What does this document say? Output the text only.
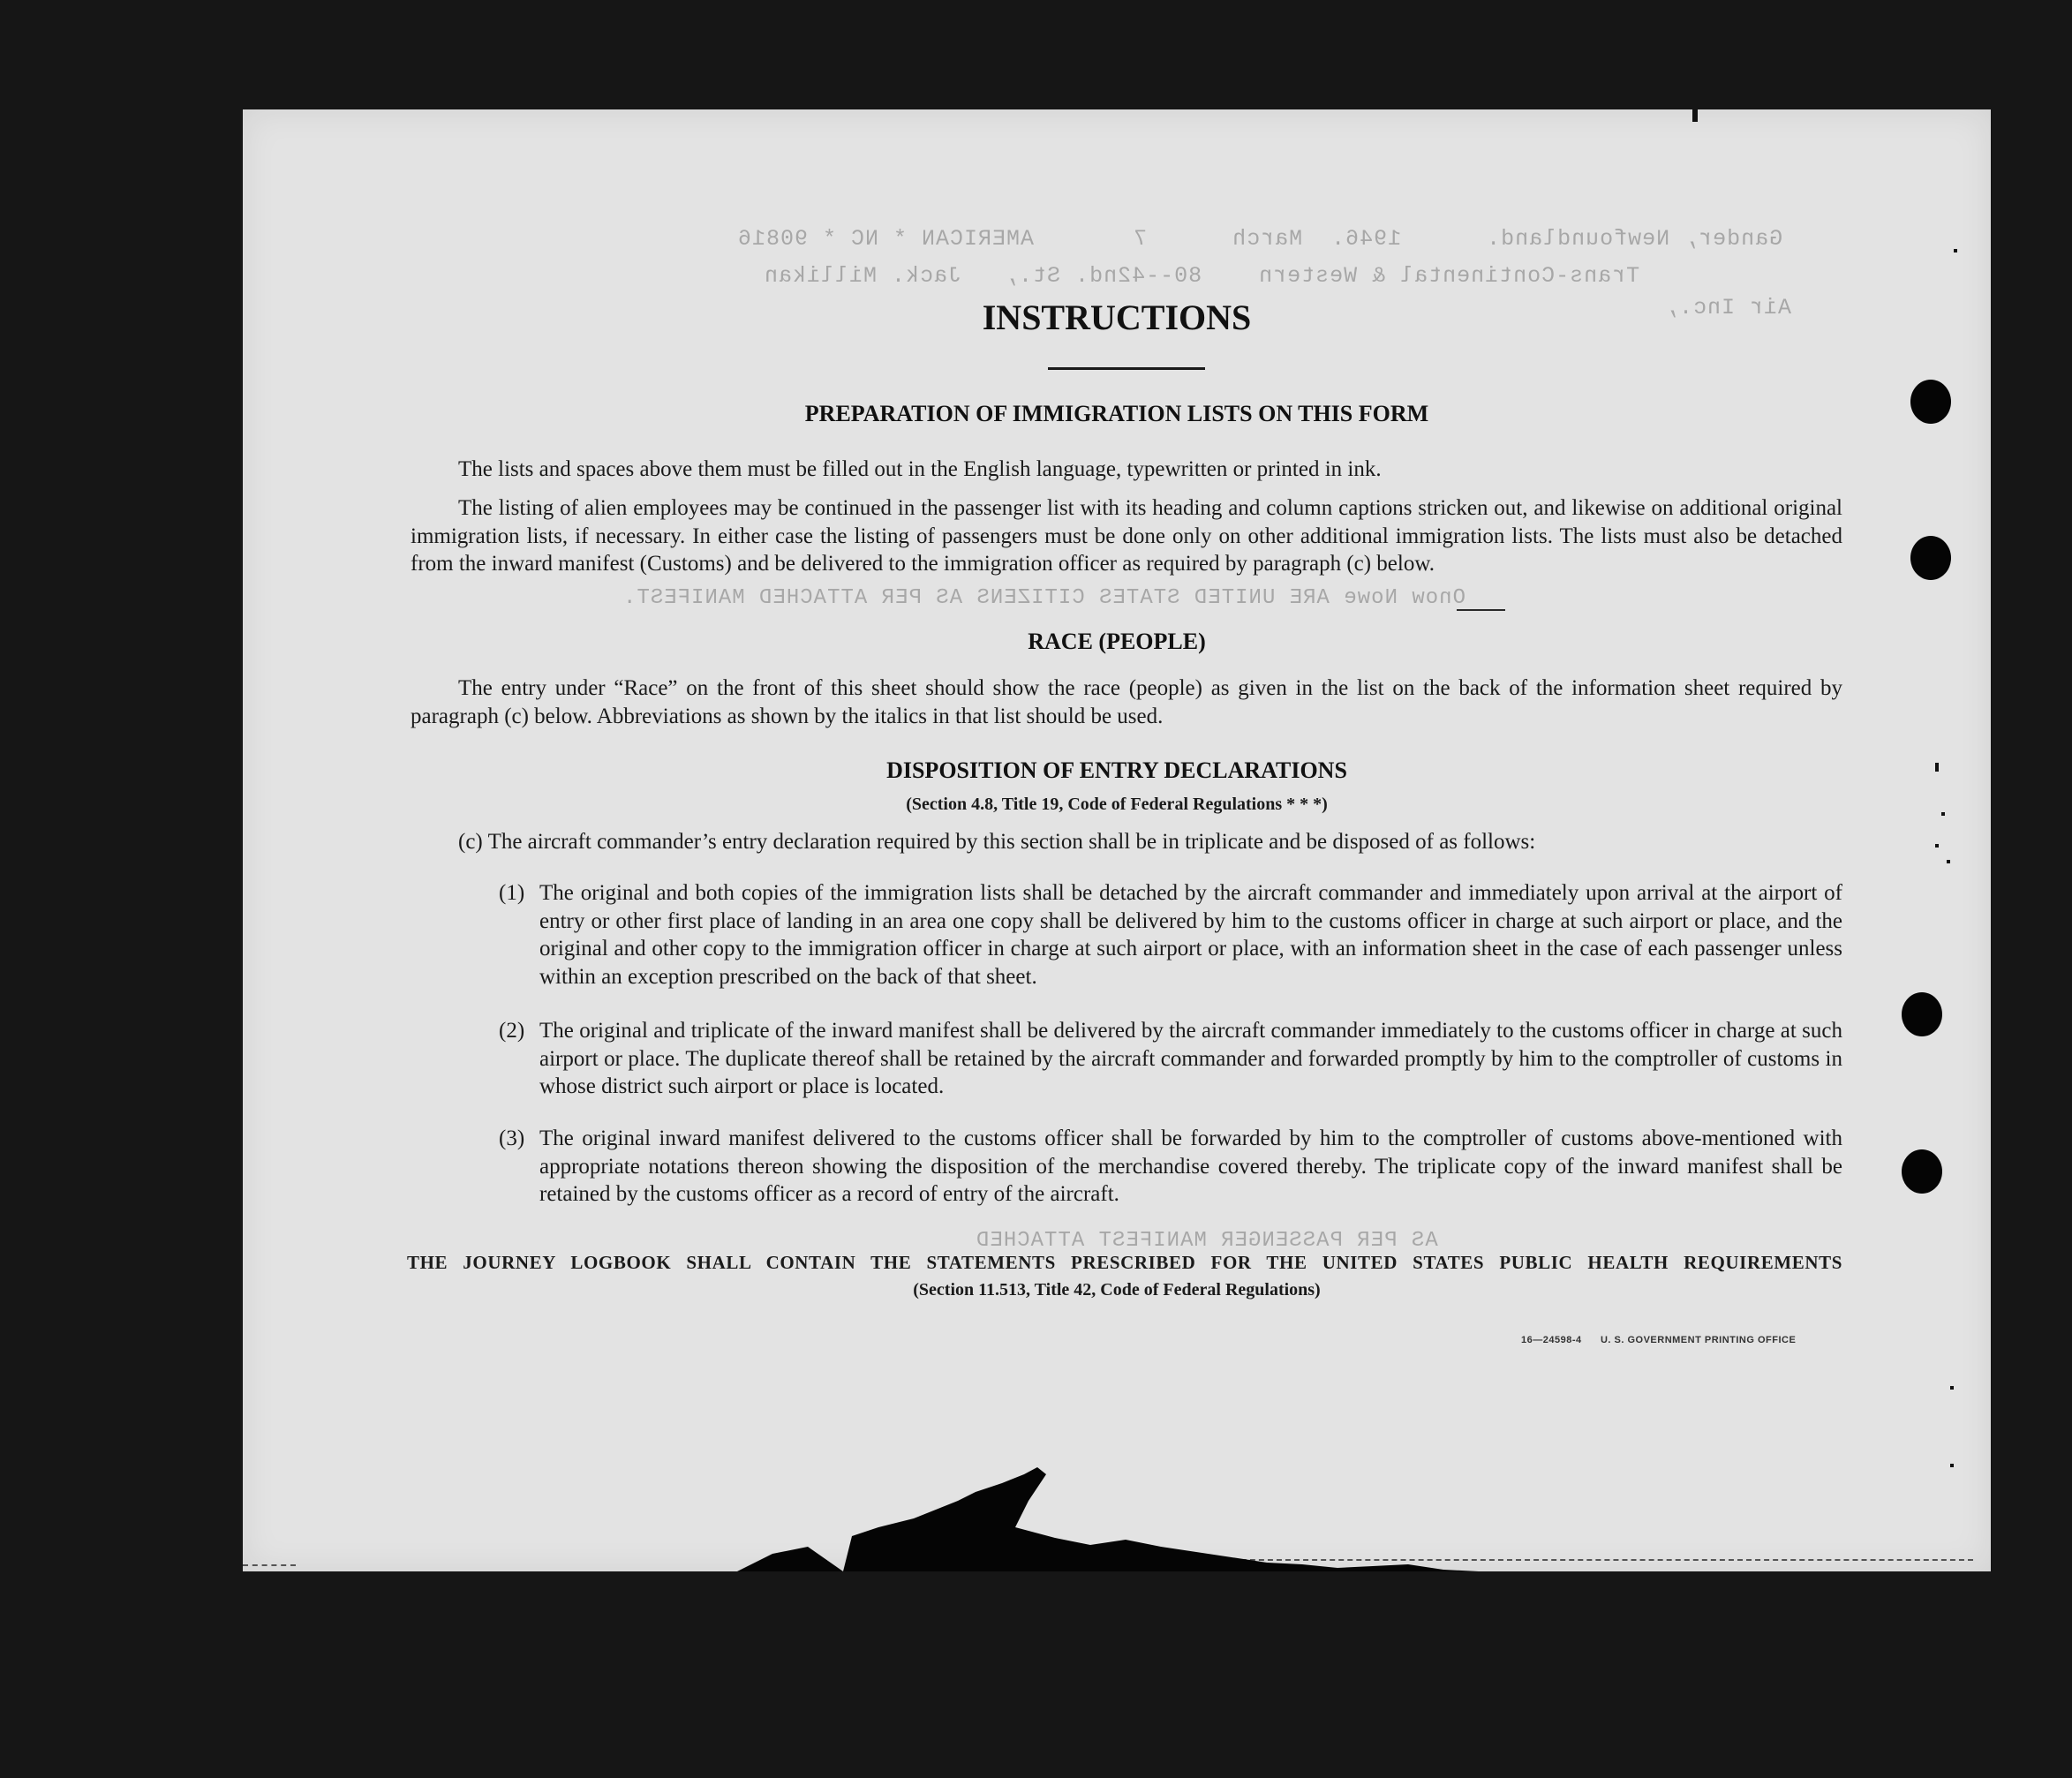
Gander, Newfoundland.      1946.  March      7       AMERICAN * NC * 90816
Trans-Continental & Western    80--42nd. St.,   Jack. Millikan
Air Inc.,
Onow Nowe ARE UNITED STATES CITIZENS AS PER ATTACHED MANIFEST.
AS PER PASSENGER MANIFEST ATTACHED
INSTRUCTIONS
PREPARATION OF IMMIGRATION LISTS ON THIS FORM
The lists and spaces above them must be filled out in the English language, typewritten or printed in ink.
The listing of alien employees may be continued in the passenger list with its heading and column captions stricken out, and likewise on additional original immigration lists, if necessary. In either case the listing of passengers must be done only on other additional immigration lists. The lists must also be detached from the inward manifest (Customs) and be delivered to the immigration officer as required by paragraph (c) below.
RACE (PEOPLE)
The entry under “Race” on the front of this sheet should show the race (people) as given in the list on the back of the information sheet required by paragraph (c) below. Abbreviations as shown by the italics in that list should be used.
DISPOSITION OF ENTRY DECLARATIONS
(Section 4.8, Title 19, Code of Federal Regulations * * *)
(c) The aircraft commander’s entry declaration required by this section shall be in triplicate and be disposed of as follows:
(1) The original and both copies of the immigration lists shall be detached by the aircraft commander and immediately upon arrival at the airport of entry or other first place of landing in an area one copy shall be delivered by him to the customs officer in charge at such airport or place, and the original and other copy to the immigration officer in charge at such airport or place, with an information sheet in the case of each passenger unless within an exception prescribed on the back of that sheet.
(2) The original and triplicate of the inward manifest shall be delivered by the aircraft commander immediately to the customs officer in charge at such airport or place. The duplicate thereof shall be retained by the aircraft commander and forwarded promptly by him to the comptroller of customs in whose district such airport or place is located.
(3) The original inward manifest delivered to the customs officer shall be forwarded by him to the comptroller of customs above-mentioned with appropriate notations thereon showing the disposition of the merchandise covered thereby. The triplicate copy of the inward manifest shall be retained by the customs officer as a record of entry of the aircraft.
THE JOURNEY LOGBOOK SHALL CONTAIN THE STATEMENTS PRESCRIBED FOR THE UNITED STATES PUBLIC HEALTH REQUIREMENTS
(Section 11.513, Title 42, Code of Federal Regulations)
16—24598-4 U. S. GOVERNMENT PRINTING OFFICE
